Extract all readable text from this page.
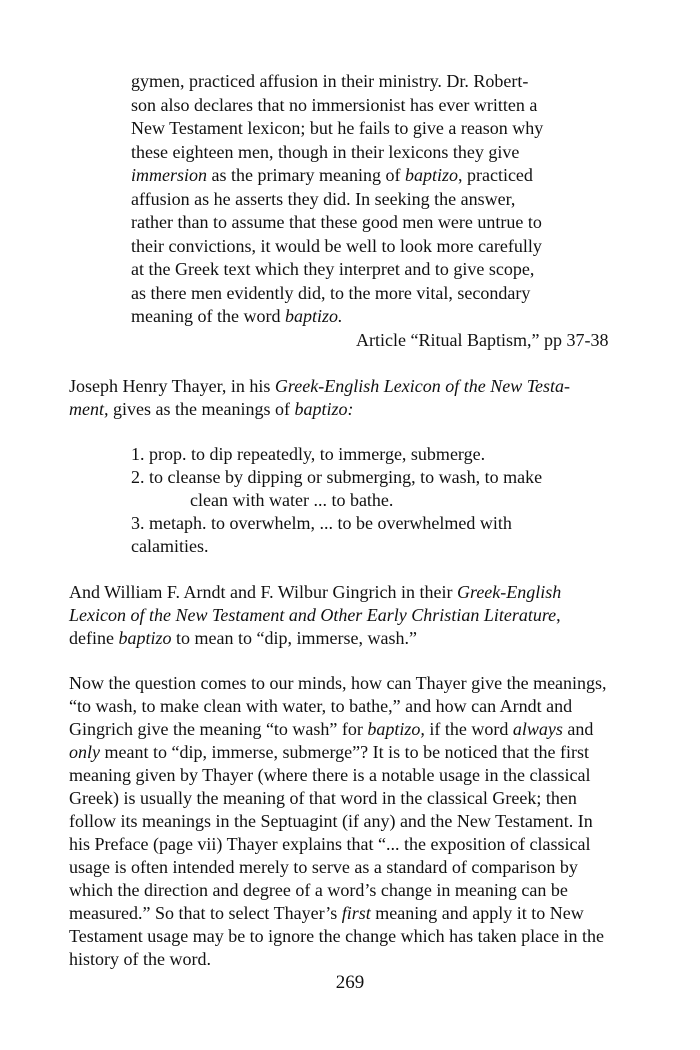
gymen, practiced affusion in their ministry. Dr. Robert-
son also declares that no immersionist has ever written a
New Testament lexicon; but he fails to give a reason why
these eighteen men, though in their lexicons they give
immersion as the primary meaning of baptizo, practiced
affusion as he asserts they did. In seeking the answer,
rather than to assume that these good men were untrue to
their convictions, it would be well to look more carefully
at the Greek text which they interpret and to give scope,
as there men evidently did, to the more vital, secondary
meaning of the word baptizo.
Article “Ritual Baptism,” pp 37-38
Joseph Henry Thayer, in his Greek-English Lexicon of the New Testa-
ment, gives as the meanings of baptizo:
1. prop. to dip repeatedly, to immerge, submerge.
2. to cleanse by dipping or submerging, to wash, to make
clean with water ... to bathe.
3. metaph. to overwhelm, ... to be overwhelmed with
calamities.
And William F. Arndt and F. Wilbur Gingrich in their Greek-English
Lexicon of the New Testament and Other Early Christian Literature,
define baptizo to mean to “dip, immerse, wash.”
Now the question comes to our minds, how can Thayer give the meanings,
“to wash, to make clean with water, to bathe,” and how can Arndt and
Gingrich give the meaning “to wash” for baptizo, if the word always and
only meant to “dip, immerse, submerge”? It is to be noticed that the first
meaning given by Thayer (where there is a notable usage in the classical
Greek) is usually the meaning of that word in the classical Greek; then
follow its meanings in the Septuagint (if any) and the New Testament. In
his Preface (page vii) Thayer explains that “... the exposition of classical
usage is often intended merely to serve as a standard of comparison by
which the direction and degree of a word’s change in meaning can be
measured.” So that to select Thayer’s first meaning and apply it to New
Testament usage may be to ignore the change which has taken place in the
history of the word.
269
